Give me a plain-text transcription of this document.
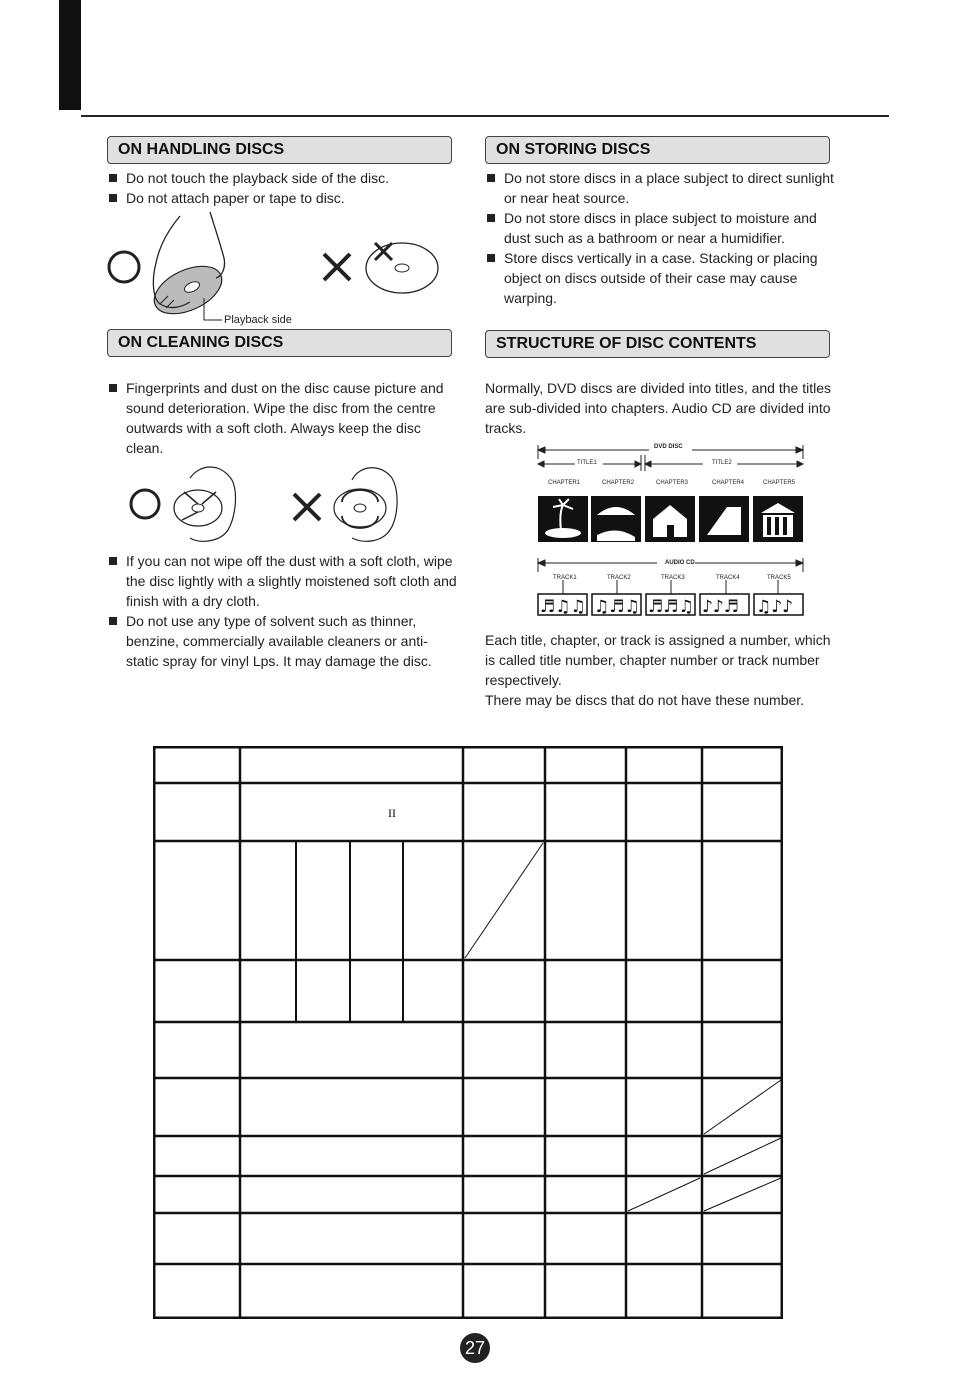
ON HANDLING DISCS
Do not touch the playback side of the disc.
Do not attach paper or tape to disc.
Playback side
ON STORING DISCS
Do not store discs in a place subject to direct sunlight or near heat source.
Do not store discs in place subject to moisture and dust such as a bathroom or near a humidifier.
Store discs vertically in a case. Stacking or placing object on discs outside of their case may cause warping.
ON CLEANING DISCS
Fingerprints and dust on the disc cause picture and sound deterioration. Wipe the disc from the centre outwards with a soft cloth. Always keep the disc clean.
If you can not wipe off the dust with a soft cloth, wipe the disc lightly with a slightly moistened soft cloth and finish with a dry cloth.
Do not use any type of solvent such as thinner, benzine, commercially available cleaners or anti-static spray for vinyl Lps. It may damage the disc.
STRUCTURE OF DISC CONTENTS
Normally, DVD discs are divided into titles, and the titles are sub-divided into chapters. Audio CD are divided into tracks.
DVD DISC
TITLE1	TITLE2
CHAPTER1	CHAPTER2	CHAPTER3	CHAPTER4	CHAPTER5
♬♫♫ ♫♬♫ ♬♬♫ ♪♪♬ ♫♪♪
AUDIO CD
TRACK1	TRACK2	TRACK3	TRACK4	TRACK5
Each title, chapter, or track is assigned a number, which is called title number, chapter number or track number respectively.
There may be discs that do not have these number.
II
27
